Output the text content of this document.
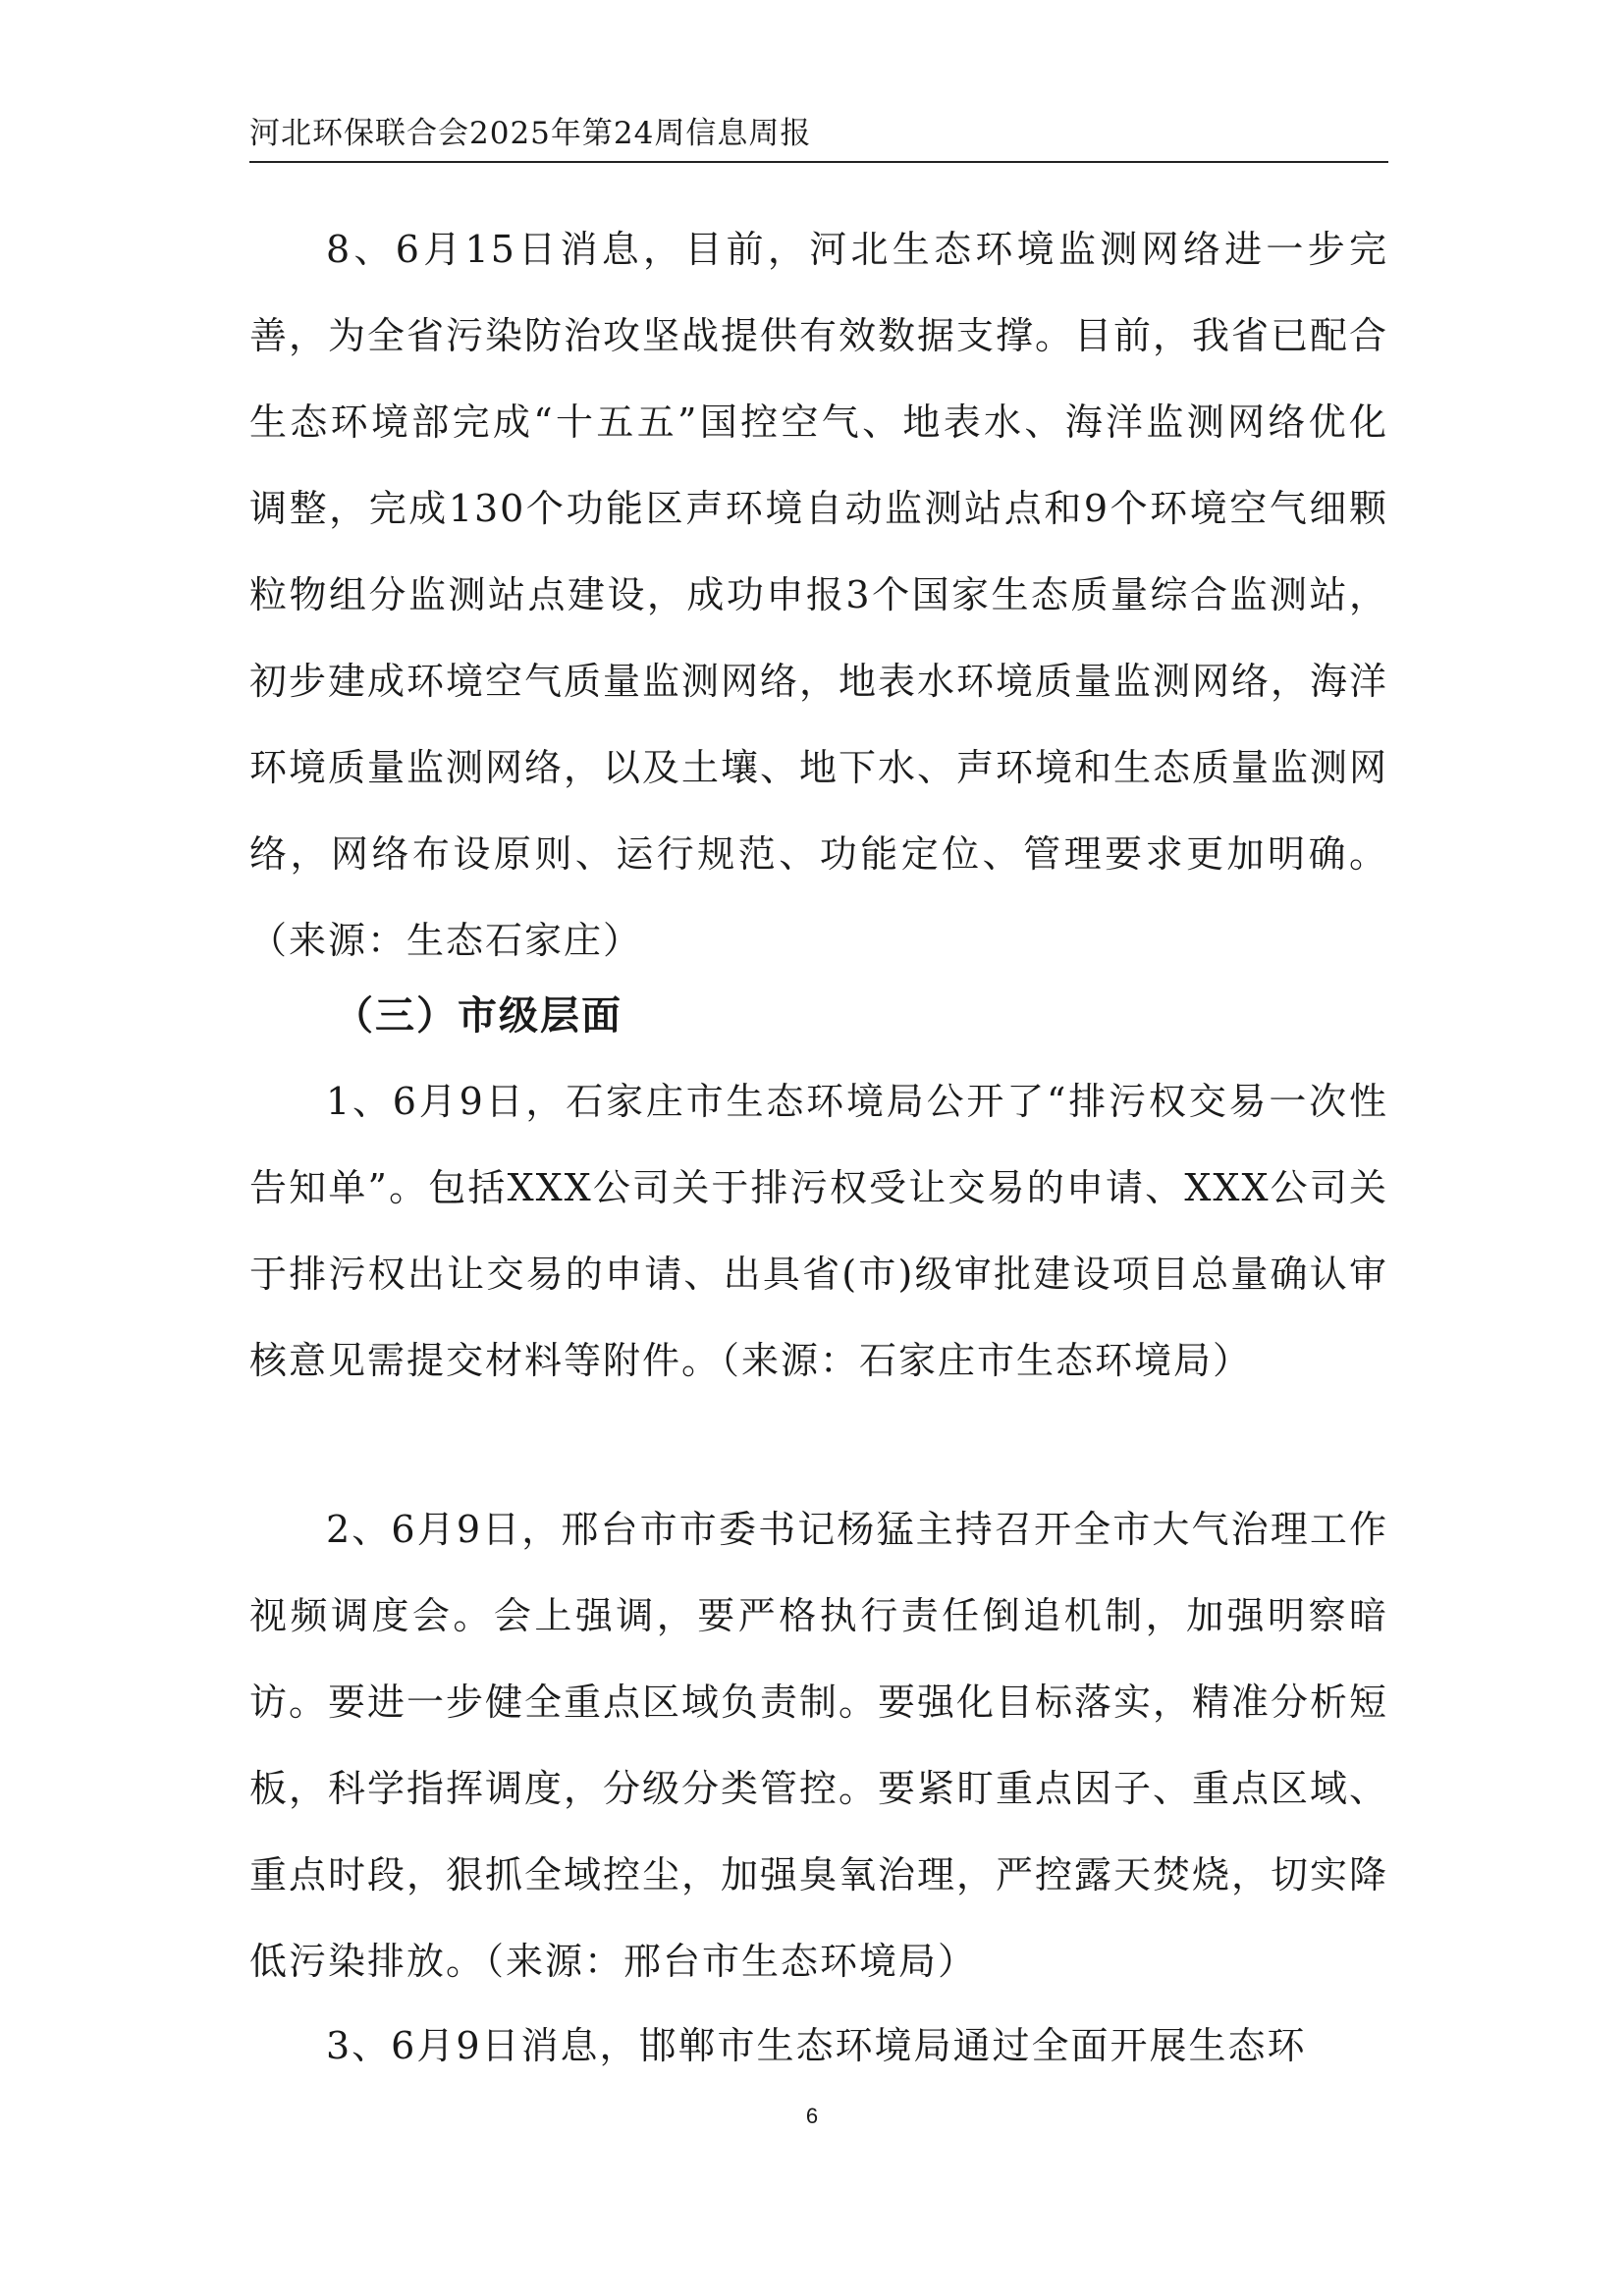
河北环保联合会2025年第24周信息周报

8、6月15日消息，目前，河北生态环境监测网络进一步完善，为全省污染防治攻坚战提供有效数据支撑。目前，我省已配合生态环境部完成“十五五”国控空气、地表水、海洋监测网络优化调整，完成130个功能区声环境自动监测站点和9个环境空气细颗粒物组分监测站点建设，成功申报3个国家生态质量综合监测站，初步建成环境空气质量监测网络，地表水环境质量监测网络，海洋环境质量监测网络，以及土壤、地下水、声环境和生态质量监测网络，网络布设原则、运行规范、功能定位、管理要求更加明确。（来源：生态石家庄）

（三）市级层面

1、6月9日，石家庄市生态环境局公开了“排污权交易一次性告知单”。包括XXX公司关于排污权受让交易的申请、XXX公司关于排污权出让交易的申请、出具省(市)级审批建设项目总量确认审核意见需提交材料等附件。（来源：石家庄市生态环境局）

2、6月9日，邢台市市委书记杨猛主持召开全市大气治理工作视频调度会。会上强调，要严格执行责任倒追机制，加强明察暗访。要进一步健全重点区域负责制。要强化目标落实，精准分析短板，科学指挥调度，分级分类管控。要紧盯重点因子、重点区域、重点时段，狠抓全域控尘，加强臭氧治理，严控露天焚烧，切实降低污染排放。（来源：邢台市生态环境局）

3、6月9日消息，邯郸市生态环境局通过全面开展生态环

6
